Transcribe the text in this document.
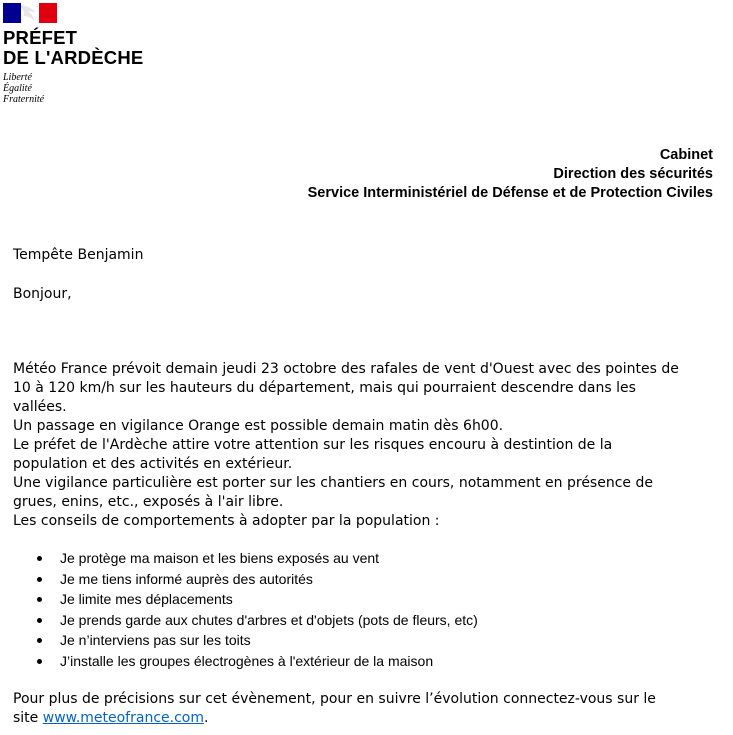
PRÉFET
DE L'ARDÈCHE
Liberté
Égalité
Fraternité
Cabinet
Direction des sécurités
Service Interministériel de Défense et de Protection Civiles
Tempête Benjamin
Bonjour,
Météo France prévoit demain jeudi 23 octobre des rafales de vent d'Ouest avec des pointes de
10 à 120 km/h sur les hauteurs du département, mais qui pourraient descendre dans les
vallées.
Un passage en vigilance Orange est possible demain matin dès 6h00.
Le préfet de l'Ardèche attire votre attention sur les risques encouru à destintion de la
population et des activités en extérieur.
Une vigilance particulière est porter sur les chantiers en cours, notamment en présence de
grues, enins, etc., exposés à l'air libre.
Les conseils de comportements à adopter par la population :
Je protège ma maison et les biens exposés au vent
Je me tiens informé auprès des autorités
Je limite mes déplacements
Je prends garde aux chutes d'arbres et d'objets (pots de fleurs, etc)
Je n’interviens pas sur les toits
J’installe les groupes électrogènes à l'extérieur de la maison
Pour plus de précisions sur cet évènement, pour en suivre l’évolution connectez-vous sur le
site www.meteofrance.com.
